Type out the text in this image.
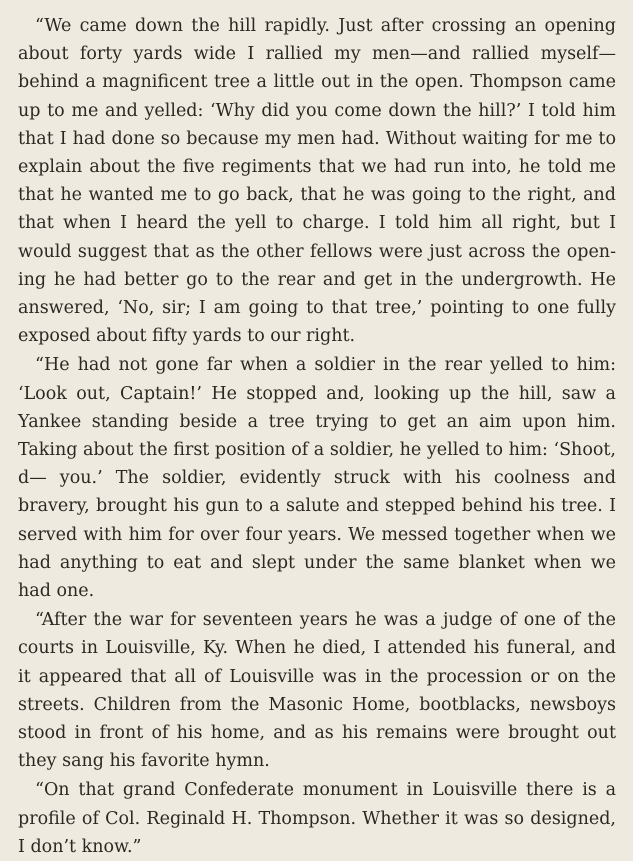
“We came down the hill rapidly. Just after crossing an opening about forty yards wide I rallied my men—and rallied myself—behind a magnificent tree a little out in the open. Thompson came up to me and yelled: ‘Why did you come down the hill?’ I told him that I had done so because my men had. Without waiting for me to explain about the five regiments that we had run into, he told me that he wanted me to go back, that he was going to the right, and that when I heard the yell to charge. I told him all right, but I would suggest that as the other fellows were just across the opening he had better go to the rear and get in the undergrowth. He answered, ‘No, sir; I am going to that tree,’ pointing to one fully exposed about fifty yards to our right.

“He had not gone far when a soldier in the rear yelled to him: ‘Look out, Captain!’ He stopped and, looking up the hill, saw a Yankee standing beside a tree trying to get an aim upon him. Taking about the first position of a soldier, he yelled to him: ‘Shoot, d— you.’ The soldier, evidently struck with his coolness and bravery, brought his gun to a salute and stepped behind his tree. I served with him for over four years. We messed together when we had anything to eat and slept under the same blanket when we had one.

“After the war for seventeen years he was a judge of one of the courts in Louisville, Ky. When he died, I attended his funeral, and it appeared that all of Louisville was in the procession or on the streets. Children from the Masonic Home, bootblacks, newsboys stood in front of his home, and as his remains were brought out they sang his favorite hymn.

“On that grand Confederate monument in Louisville there is a profile of Col. Reginald H. Thompson. Whether it was so designed, I don’t know.”
